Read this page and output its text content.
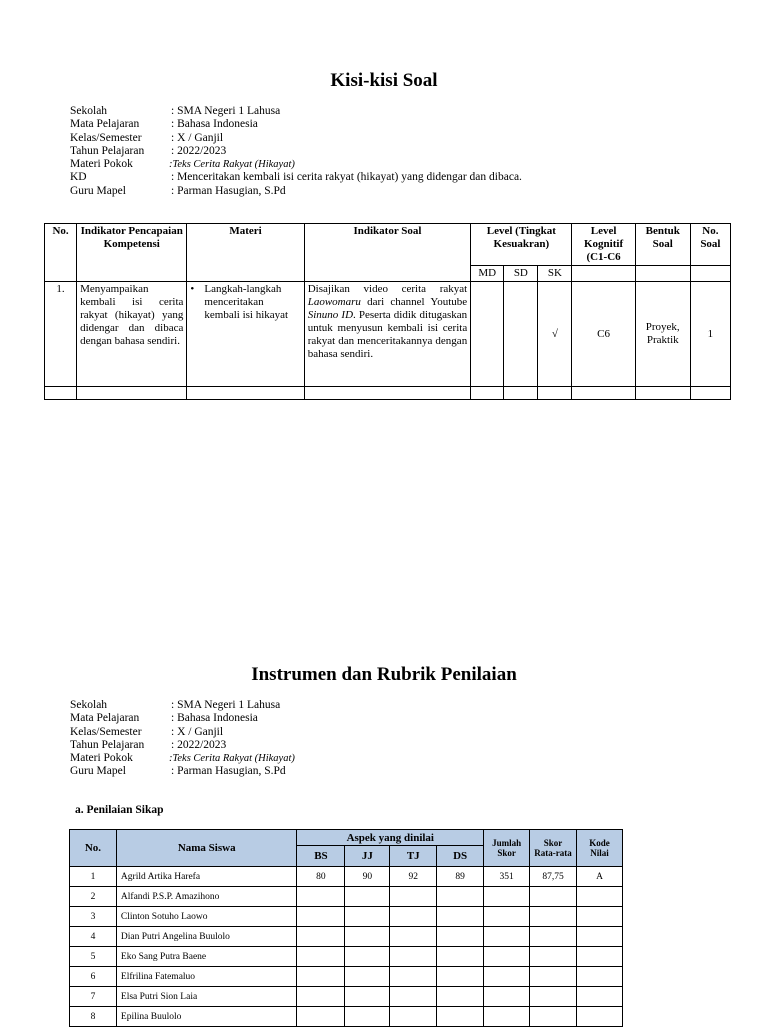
Kisi-kisi Soal
Sekolah	: SMA Negeri 1 Lahusa
Mata Pelajaran	: Bahasa Indonesia
Kelas/Semester	: X / Ganjil
Tahun Pelajaran	: 2022/2023
Materi Pokok	:Teks Cerita Rakyat (Hikayat)
KD	: Menceritakan kembali isi cerita rakyat (hikayat) yang didengar dan dibaca.
Guru Mapel	: Parman Hasugian, S.Pd
No.	Indikator Pencapaian Kompetensi	Materi	Indikator Soal	Level (Tingkat Kesuakran)			Level Kognitif (C1-C6	Bentuk Soal	No. Soal
				MD	SD	SK			
1.	Menyampaikan kembali isi cerita rakyat (hikayat) yang didengar dan dibaca dengan bahasa sendiri.	• Langkah-langkah menceritakan kembali isi hikayat	Disajikan video cerita rakyat Laowomaru dari channel Youtube Sinuno ID. Peserta didik ditugaskan untuk menyusun kembali isi cerita rakyat dan menceritakannya dengan bahasa sendiri.			√	C6	Proyek, Praktik	1

Instrumen dan Rubrik Penilaian
Sekolah	: SMA Negeri 1 Lahusa
Mata Pelajaran	: Bahasa Indonesia
Kelas/Semester	: X / Ganjil
Tahun Pelajaran	: 2022/2023
Materi Pokok	:Teks Cerita Rakyat (Hikayat)
Guru Mapel	: Parman Hasugian, S.Pd
a. Penilaian Sikap
No.	Nama Siswa	Aspek yang dinilai				Jumlah Skor	Skor Rata-rata	Kode Nilai
		BS	JJ	TJ	DS			
1	Agrild Artika Harefa	80	90	92	89	351	87,75	A
2	Alfandi P.S.P. Amazihono							
3	Clinton Sotuho Laowo							
4	Dian Putri Angelina Buulolo							
5	Eko Sang Putra Baene							
6	Elfrilina Fatemaluo							
7	Elsa Putri Sion Laia							
8	Epilina Buulolo							
